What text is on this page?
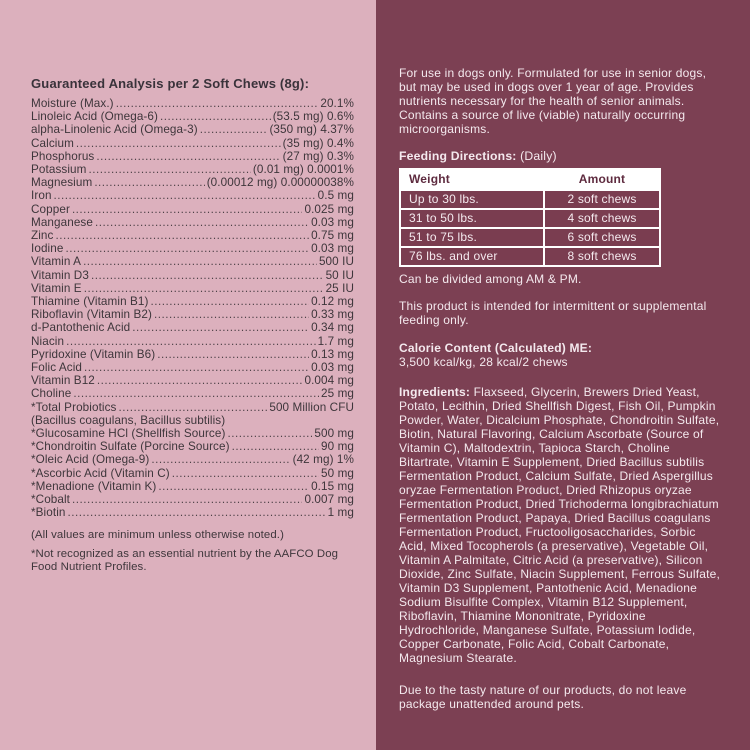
Guaranteed Analysis per 2 Soft Chews (8g):

Moisture (Max.) .....	20.1%
Linoleic Acid (Omega-6) .....	(53.5 mg) 0.6%
alpha-Linolenic Acid (Omega-3) .....	(350 mg) 4.37%
Calcium .....	(35 mg) 0.4%
Phosphorus .....	(27 mg) 0.3%
Potassium .....	(0.01 mg) 0.0001%
Magnesium .....	(0.00012 mg) 0.00000038%
Iron .....	0.5 mg
Copper .....	0.025 mg
Manganese .....	0.03 mg
Zinc .....	0.75 mg
Iodine .....	0.03 mg
Vitamin A .....	500 IU
Vitamin D3 .....	50 IU
Vitamin E .....	25 IU
Thiamine (Vitamin B1) .....	0.12 mg
Riboflavin (Vitamin B2) .....	0.33 mg
d-Pantothenic Acid .....	0.34 mg
Niacin .....	1.7 mg
Pyridoxine (Vitamin B6) .....	0.13 mg
Folic Acid .....	0.03 mg
Vitamin B12 .....	0.004 mg
Choline .....	25 mg
*Total Probiotics .....	500 Million CFU
(Bacillus coagulans, Bacillus subtilis)
*Glucosamine HCl (Shellfish Source) .....	500 mg
*Chondroitin Sulfate (Porcine Source) .....	90 mg
*Oleic Acid (Omega-9) .....	(42 mg) 1%
*Ascorbic Acid (Vitamin C) .....	50 mg
*Menadione (Vitamin K) .....	0.15 mg
*Cobalt .....	0.007 mg
*Biotin .....	1 mg

(All values are minimum unless otherwise noted.)

*Not recognized as an essential nutrient by the AAFCO Dog Food Nutrient Profiles.

For use in dogs only. Formulated for use in senior dogs, but may be used in dogs over 1 year of age. Provides nutrients necessary for the health of senior animals. Contains a source of live (viable) naturally occurring microorganisms.

Feeding Directions: (Daily)

Weight	Amount
Up to 30 lbs.	2 soft chews
31 to 50 lbs.	4 soft chews
51 to 75 lbs.	6 soft chews
76 lbs. and over	8 soft chews

Can be divided among AM & PM.

This product is intended for intermittent or supplemental feeding only.

Calorie Content (Calculated) ME:

3,500 kcal/kg, 28 kcal/2 chews

Ingredients: Flaxseed, Glycerin, Brewers Dried Yeast, Potato, Lecithin, Dried Shellfish Digest, Fish Oil, Pumpkin Powder, Water, Dicalcium Phosphate, Chondroitin Sulfate, Biotin, Natural Flavoring, Calcium Ascorbate (Source of Vitamin C), Maltodextrin, Tapioca Starch, Choline Bitartrate, Vitamin E Supplement, Dried Bacillus subtilis Fermentation Product, Calcium Sulfate, Dried Aspergillus oryzae Fermentation Product, Dried Rhizopus oryzae Fermentation Product, Dried Trichoderma longibrachiatum Fermentation Product, Papaya, Dried Bacillus coagulans Fermentation Product, Fructooligosaccharides, Sorbic Acid, Mixed Tocopherols (a preservative), Vegetable Oil, Vitamin A Palmitate, Citric Acid (a preservative), Silicon Dioxide, Zinc Sulfate, Niacin Supplement, Ferrous Sulfate, Vitamin D3 Supplement, Pantothenic Acid, Menadione Sodium Bisulfite Complex, Vitamin B12 Supplement, Riboflavin, Thiamine Mononitrate, Pyridoxine Hydrochloride, Manganese Sulfate, Potassium Iodide, Copper Carbonate, Folic Acid, Cobalt Carbonate, Magnesium Stearate.

Due to the tasty nature of our products, do not leave package unattended around pets.
